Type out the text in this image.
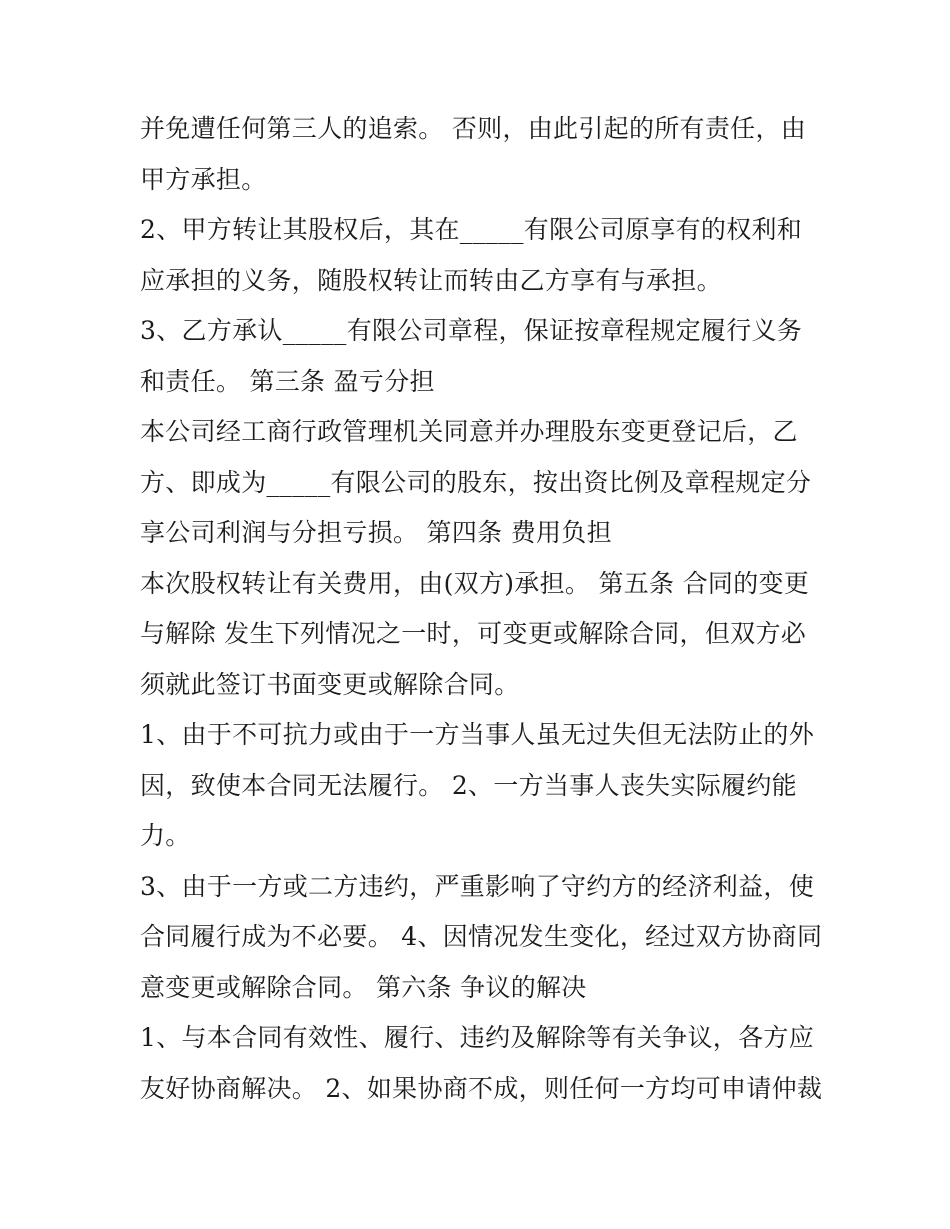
并免遭任何第三人的追索。 否则，由此引起的所有责任，由
甲方承担。
2、甲方转让其股权后，其在_____有限公司原享有的权利和
应承担的义务，随股权转让而转由乙方享有与承担。
3、乙方承认_____有限公司章程，保证按章程规定履行义务
和责任。 第三条 盈亏分担
本公司经工商行政管理机关同意并办理股东变更登记后，乙
方、即成为_____有限公司的股东，按出资比例及章程规定分
享公司利润与分担亏损。 第四条 费用负担
本次股权转让有关费用，由(双方)承担。 第五条 合同的变更
与解除 发生下列情况之一时，可变更或解除合同，但双方必
须就此签订书面变更或解除合同。
1、由于不可抗力或由于一方当事人虽无过失但无法防止的外
因，致使本合同无法履行。 2、一方当事人丧失实际履约能
力。
3、由于一方或二方违约，严重影响了守约方的经济利益，使
合同履行成为不必要。 4、因情况发生变化，经过双方协商同
意变更或解除合同。 第六条 争议的解决
1、与本合同有效性、履行、违约及解除等有关争议，各方应
友好协商解决。 2、如果协商不成，则任何一方均可申请仲裁
